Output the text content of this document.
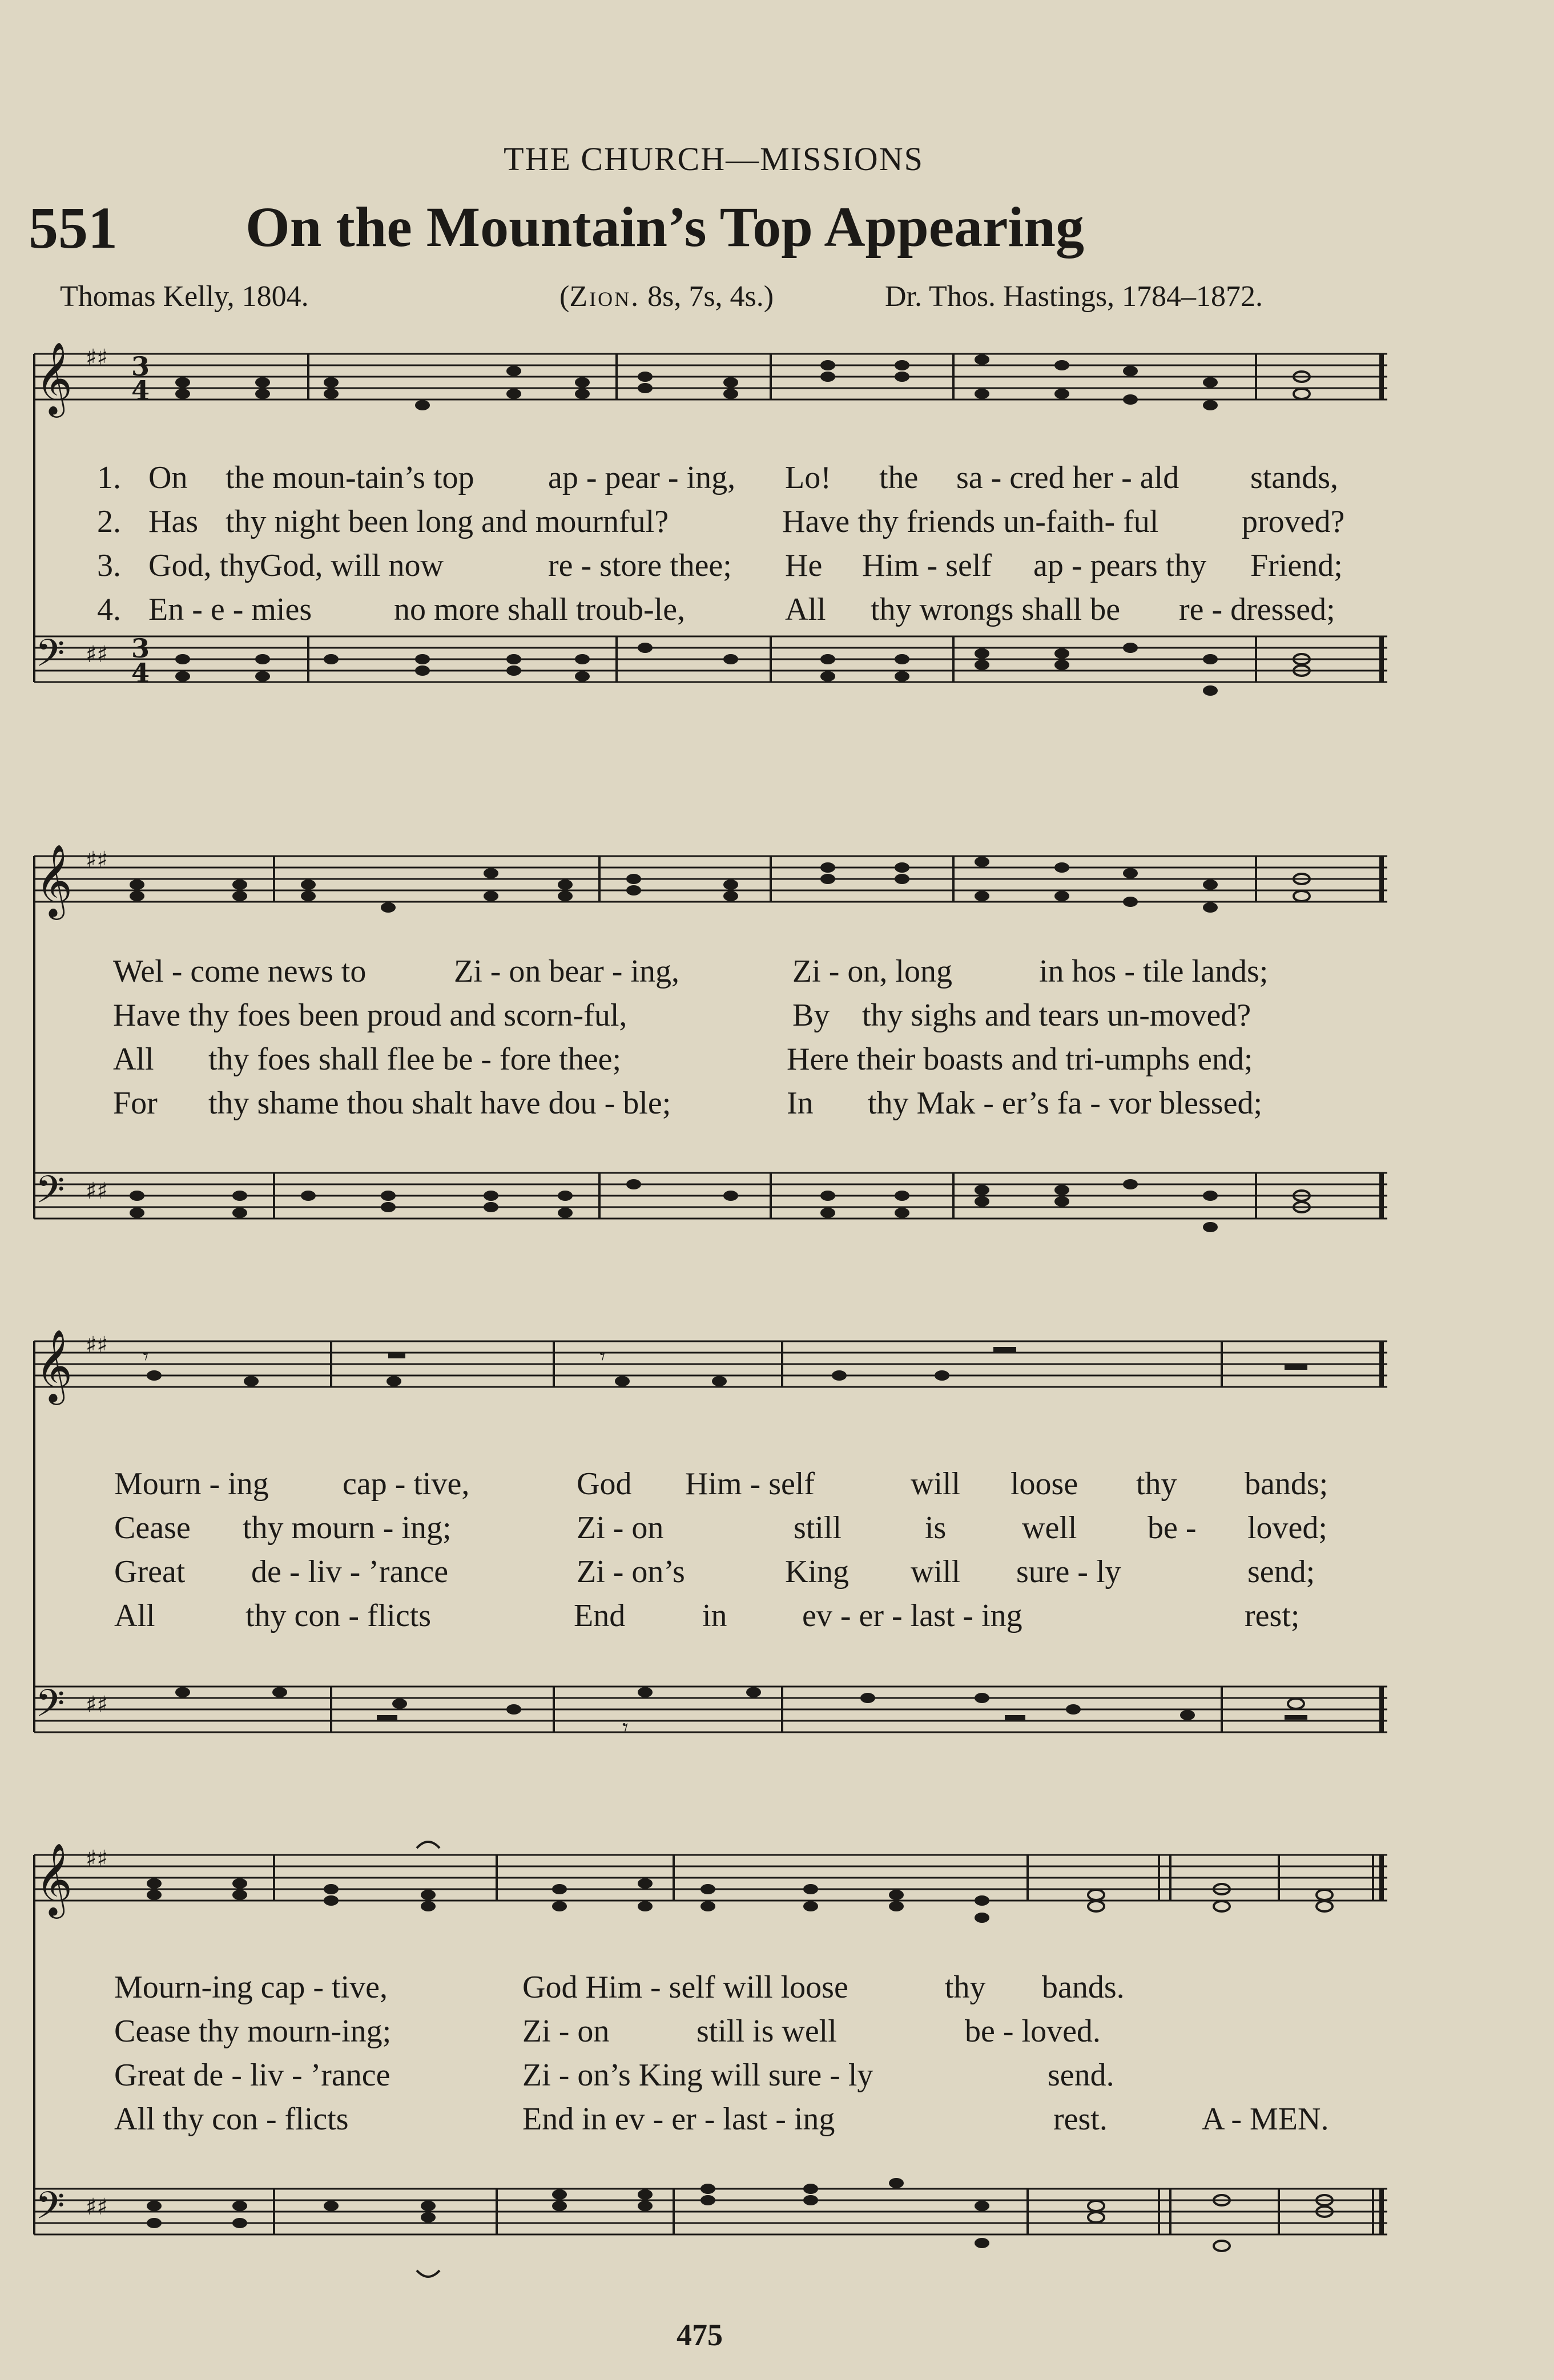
THE CHURCH—MISSIONS
551 On the Mountain’s Top Appearing
Thomas Kelly, 1804.	(Zion. 8s, 7s, 4s.)	Dr. Thos. Hastings, 1784–1872.
𝄞
𝄢
♯♯
♯♯
3
4
3
4
1. On the moun-tain’s top ap - pear - ing, Lo! the sa - cred her - ald stands,
2. Has thy night been long and mournful?	Have thy friends un-faith- ful	proved?
3. God, thy God, will now	re - store thee; He Him - self ap - pears thy Friend;
4. En - e - mies	no more shall troub-le,	All thy wrongs shall be re - dressed;
𝄞
𝄢
♯♯
♯♯
Wel - come news to	Zi - on bear - ing,	Zi - on, long	in hos - tile lands;
Have thy foes been proud and scorn-ful,	By thy sighs and tears un-moved?
All thy foes shall flee be - fore thee;	Here their boasts and tri-umphs end;
For thy shame thou shalt have dou - ble;	In thy Mak - er’s fa - vor blessed;
𝄞
𝄢
♯♯
♯♯
𝄾	𝄾
𝄾
Mourn - ing cap - tive,	God Him - self	will loose thy bands;
Cease thy mourn - ing;	Zi - on	still	is well be - loved;
Great de - liv - ’rance	Zi - on’s	King will sure - ly	send;
All	thy con - flicts	End in ev - er - last - ing	rest;
𝄞
𝄢
♯♯
♯♯
Mourn-ing cap - tive,	God Him - self will loose	thy bands.
Cease thy mourn-ing;	Zi - on	still is well	be - loved.
Great de - liv - ’rance	Zi - on’s King will sure - ly	send.
All thy con - flicts	End in ev - er - last - ing	rest.	A - MEN.
475
